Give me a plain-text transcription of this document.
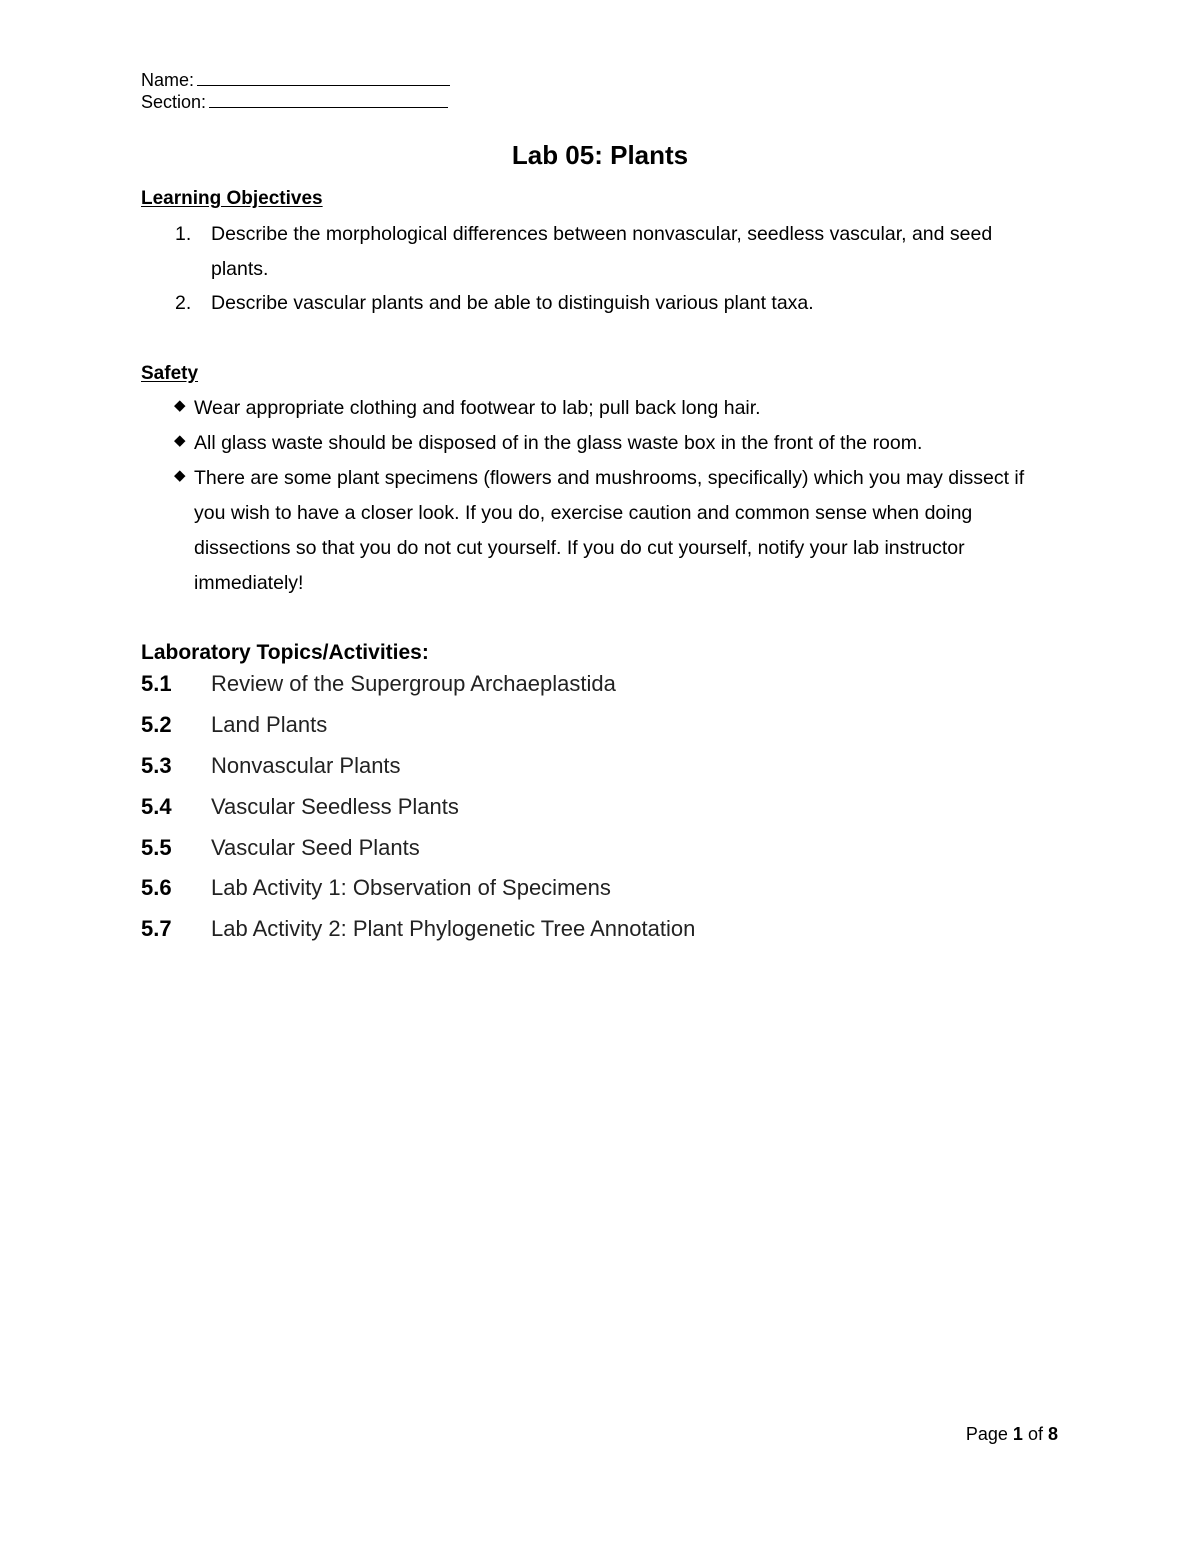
Name:
Section:
Lab 05: Plants
Learning Objectives
1. Describe the morphological differences between nonvascular, seedless vascular, and seed plants.
2. Describe vascular plants and be able to distinguish various plant taxa.
Safety
◆ Wear appropriate clothing and footwear to lab; pull back long hair.
◆ All glass waste should be disposed of in the glass waste box in the front of the room.
◆ There are some plant specimens (flowers and mushrooms, specifically) which you may dissect if you wish to have a closer look. If you do, exercise caution and common sense when doing dissections so that you do not cut yourself. If you do cut yourself, notify your lab instructor immediately!
Laboratory Topics/Activities:
5.1 Review of the Supergroup Archaeplastida
5.2 Land Plants
5.3 Nonvascular Plants
5.4 Vascular Seedless Plants
5.5 Vascular Seed Plants
5.6 Lab Activity 1: Observation of Specimens
5.7 Lab Activity 2: Plant Phylogenetic Tree Annotation
Page 1 of 8
